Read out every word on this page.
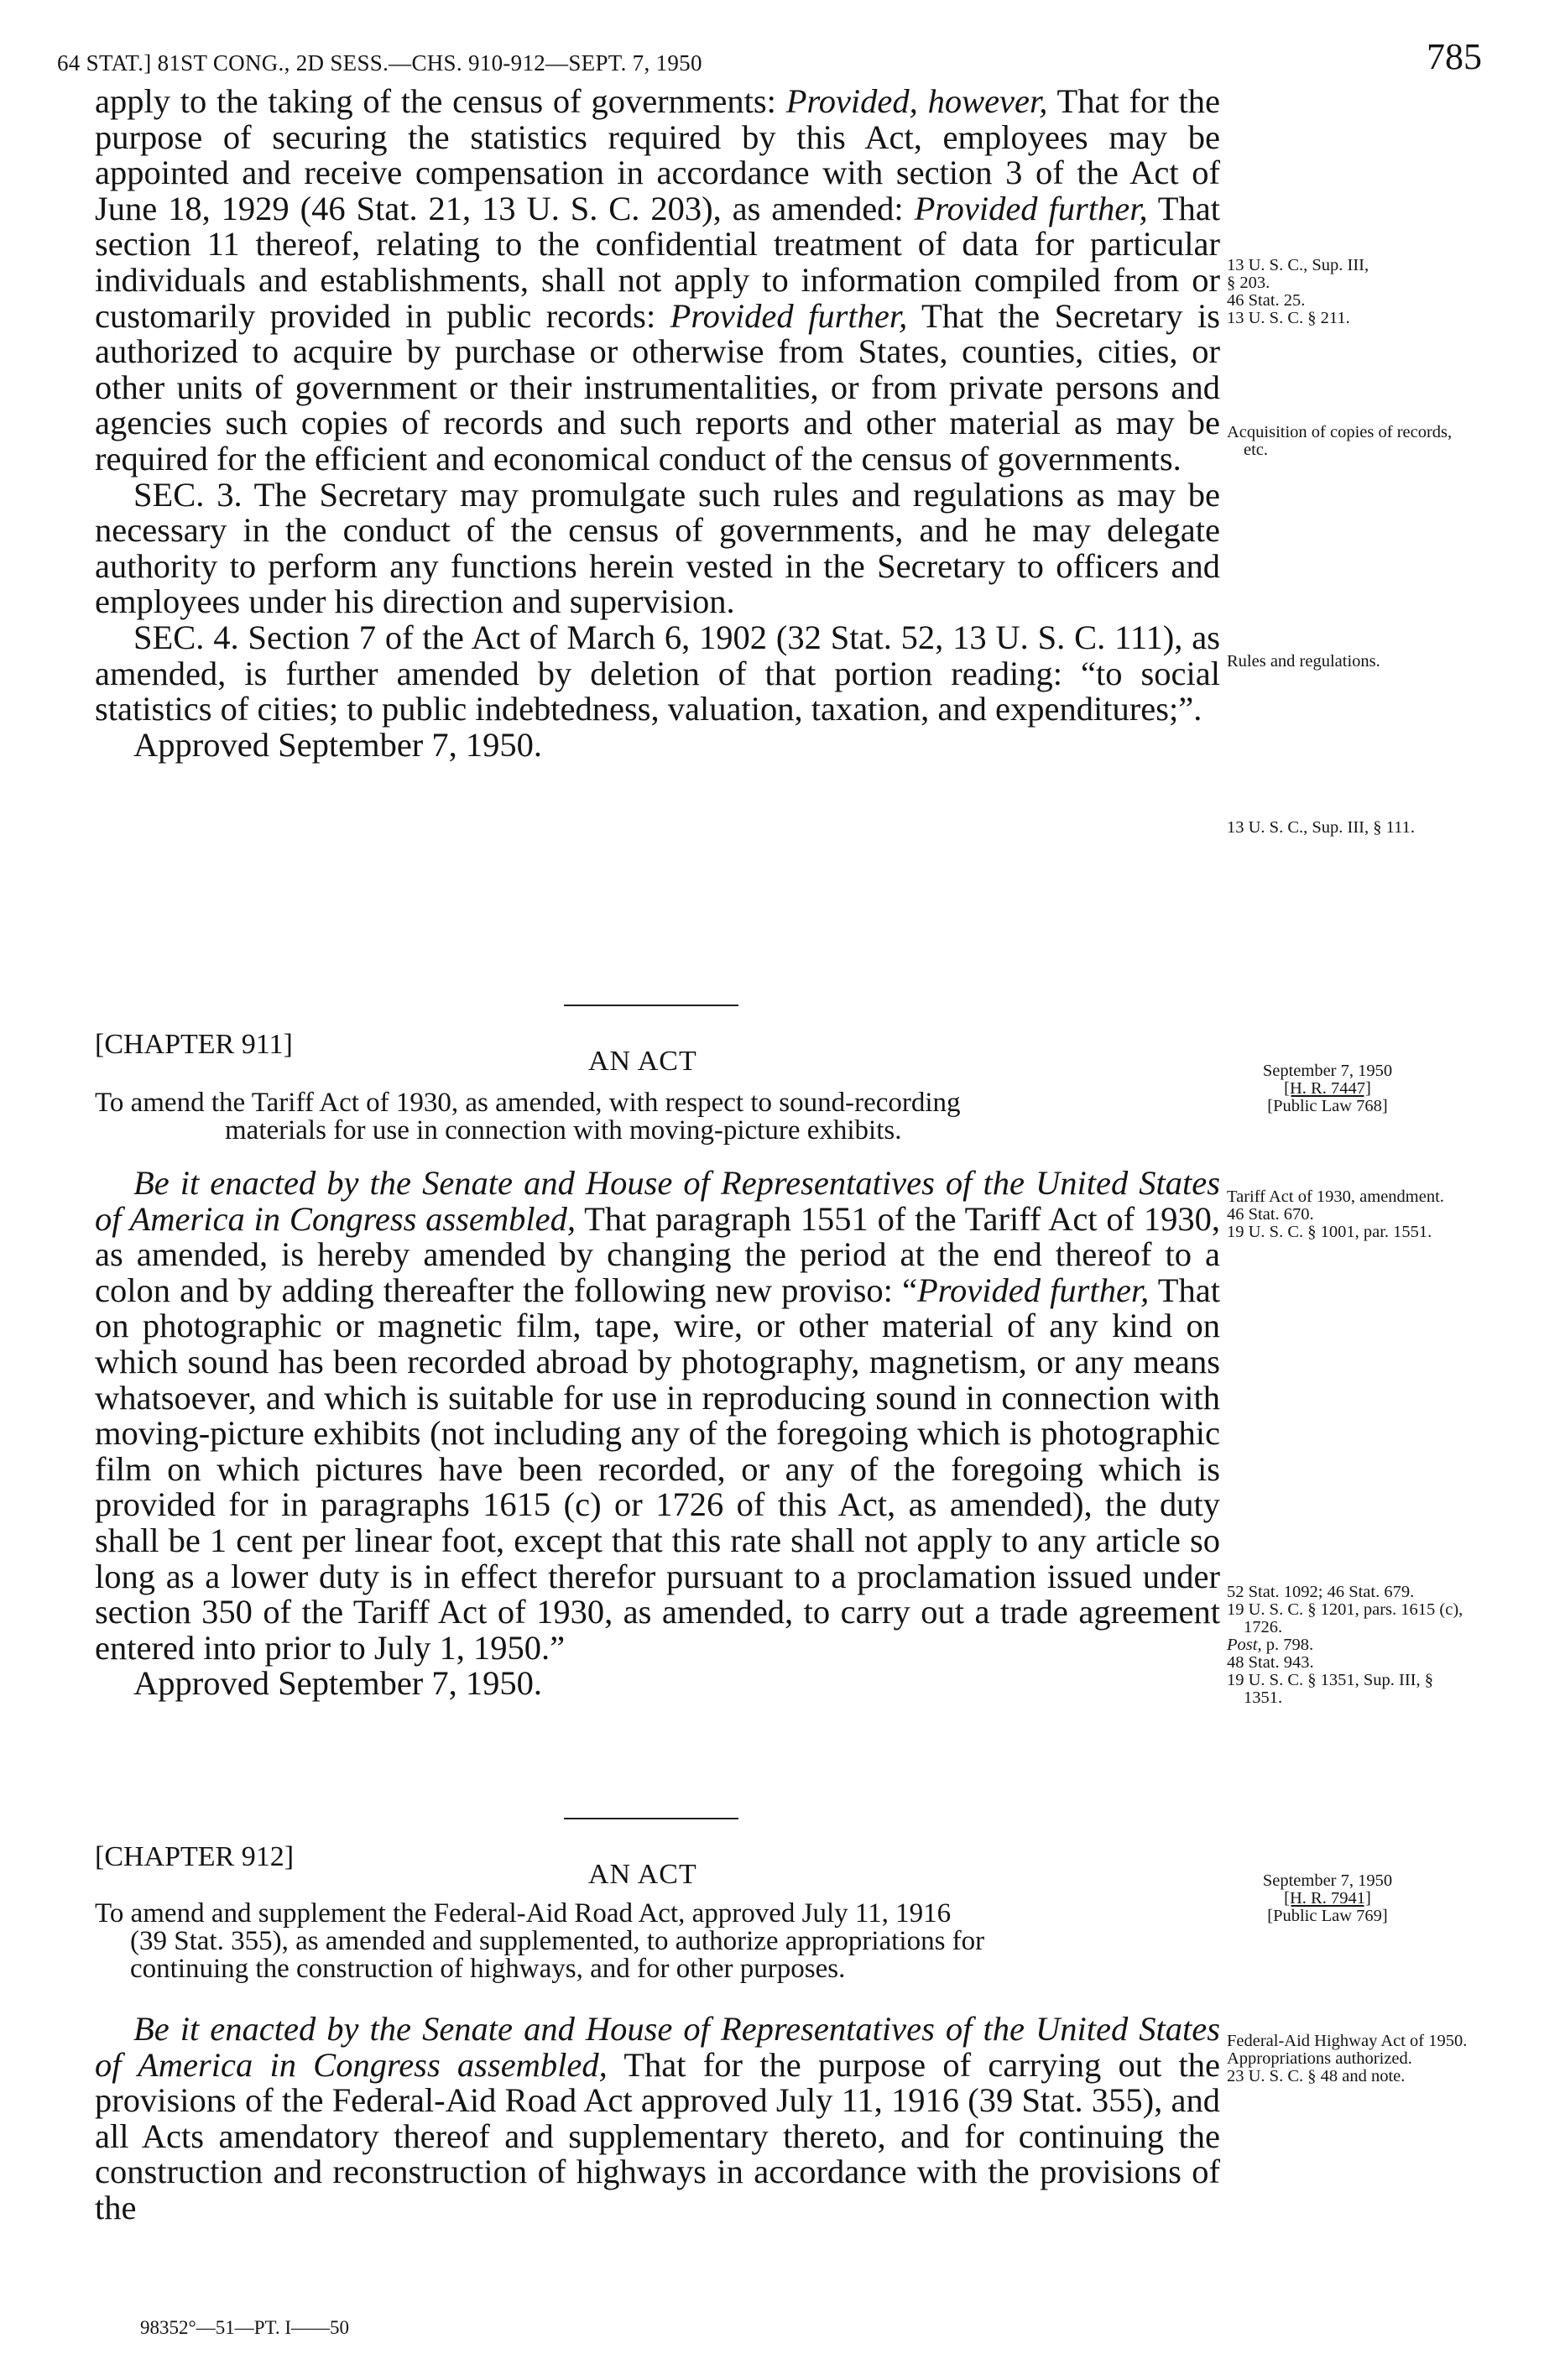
64 STAT.] 81ST CONG., 2D SESS.—CHS. 910-912—SEPT. 7, 1950	785

apply to the taking of the census of governments: Provided, however, That for the purpose of securing the statistics required by this Act, employees may be appointed and receive compensation in accordance with section 3 of the Act of June 18, 1929 (46 Stat. 21, 13 U. S. C. 203), as amended: Provided further, That section 11 thereof, relating to the confidential treatment of data for particular individuals and establishments, shall not apply to information compiled from or customarily provided in public records: Provided further, That the Secretary is authorized to acquire by purchase or otherwise from States, counties, cities, or other units of government or their instrumentalities, or from private persons and agencies such copies of records and such reports and other material as may be required for the efficient and economical conduct of the census of governments.

SEC. 3. The Secretary may promulgate such rules and regulations as may be necessary in the conduct of the census of governments, and he may delegate authority to perform any functions herein vested in the Secretary to officers and employees under his direction and supervision.

SEC. 4. Section 7 of the Act of March 6, 1902 (32 Stat. 52, 13 U. S. C. 111), as amended, is further amended by deletion of that portion reading: “to social statistics of cities; to public indebtedness, valuation, taxation, and expenditures;”.

Approved September 7, 1950.

[CHAPTER 911]
AN ACT
To amend the Tariff Act of 1930, as amended, with respect to sound-recording
materials for use in connection with moving-picture exhibits.

Be it enacted by the Senate and House of Representatives of the United States of America in Congress assembled, That paragraph 1551 of the Tariff Act of 1930, as amended, is hereby amended by changing the period at the end thereof to a colon and by adding thereafter the following new proviso: “Provided further, That on photographic or magnetic film, tape, wire, or other material of any kind on which sound has been recorded abroad by photography, magnetism, or any means whatsoever, and which is suitable for use in reproducing sound in connection with moving-picture exhibits (not including any of the foregoing which is photographic film on which pictures have been recorded, or any of the foregoing which is provided for in paragraphs 1615 (c) or 1726 of this Act, as amended), the duty shall be 1 cent per linear foot, except that this rate shall not apply to any article so long as a lower duty is in effect therefor pursuant to a proclamation issued under section 350 of the Tariff Act of 1930, as amended, to carry out a trade agreement entered into prior to July 1, 1950.”

Approved September 7, 1950.

[CHAPTER 912]
AN ACT
To amend and supplement the Federal-Aid Road Act, approved July 11, 1916
(39 Stat. 355), as amended and supplemented, to authorize appropriations for
continuing the construction of highways, and for other purposes.

Be it enacted by the Senate and House of Representatives of the United States of America in Congress assembled, That for the purpose of carrying out the provisions of the Federal-Aid Road Act approved July 11, 1916 (39 Stat. 355), and all Acts amendatory thereof and supplementary thereto, and for continuing the construction and reconstruction of highways in accordance with the provisions of the

13 U. S. C., Sup. III,

§ 203.

46 Stat. 25.

13 U. S. C. § 211.

Acquisition of copies of records, etc.

Rules and regulations.

13 U. S. C., Sup. III, § 111.

September 7, 1950

[H. R. 7447]

[Public Law 768]

Tariff Act of 1930, amendment.

46 Stat. 670.

19 U. S. C. § 1001, par. 1551.

52 Stat. 1092; 46 Stat. 679.

19 U. S. C. § 1201, pars. 1615 (c), 1726.

Post, p. 798.

48 Stat. 943.

19 U. S. C. § 1351, Sup. III, § 1351.

September 7, 1950

[H. R. 7941]

[Public Law 769]

Federal-Aid Highway Act of 1950.

Appropriations authorized.

23 U. S. C. § 48 and note.

98352°—51—PT. I——50
